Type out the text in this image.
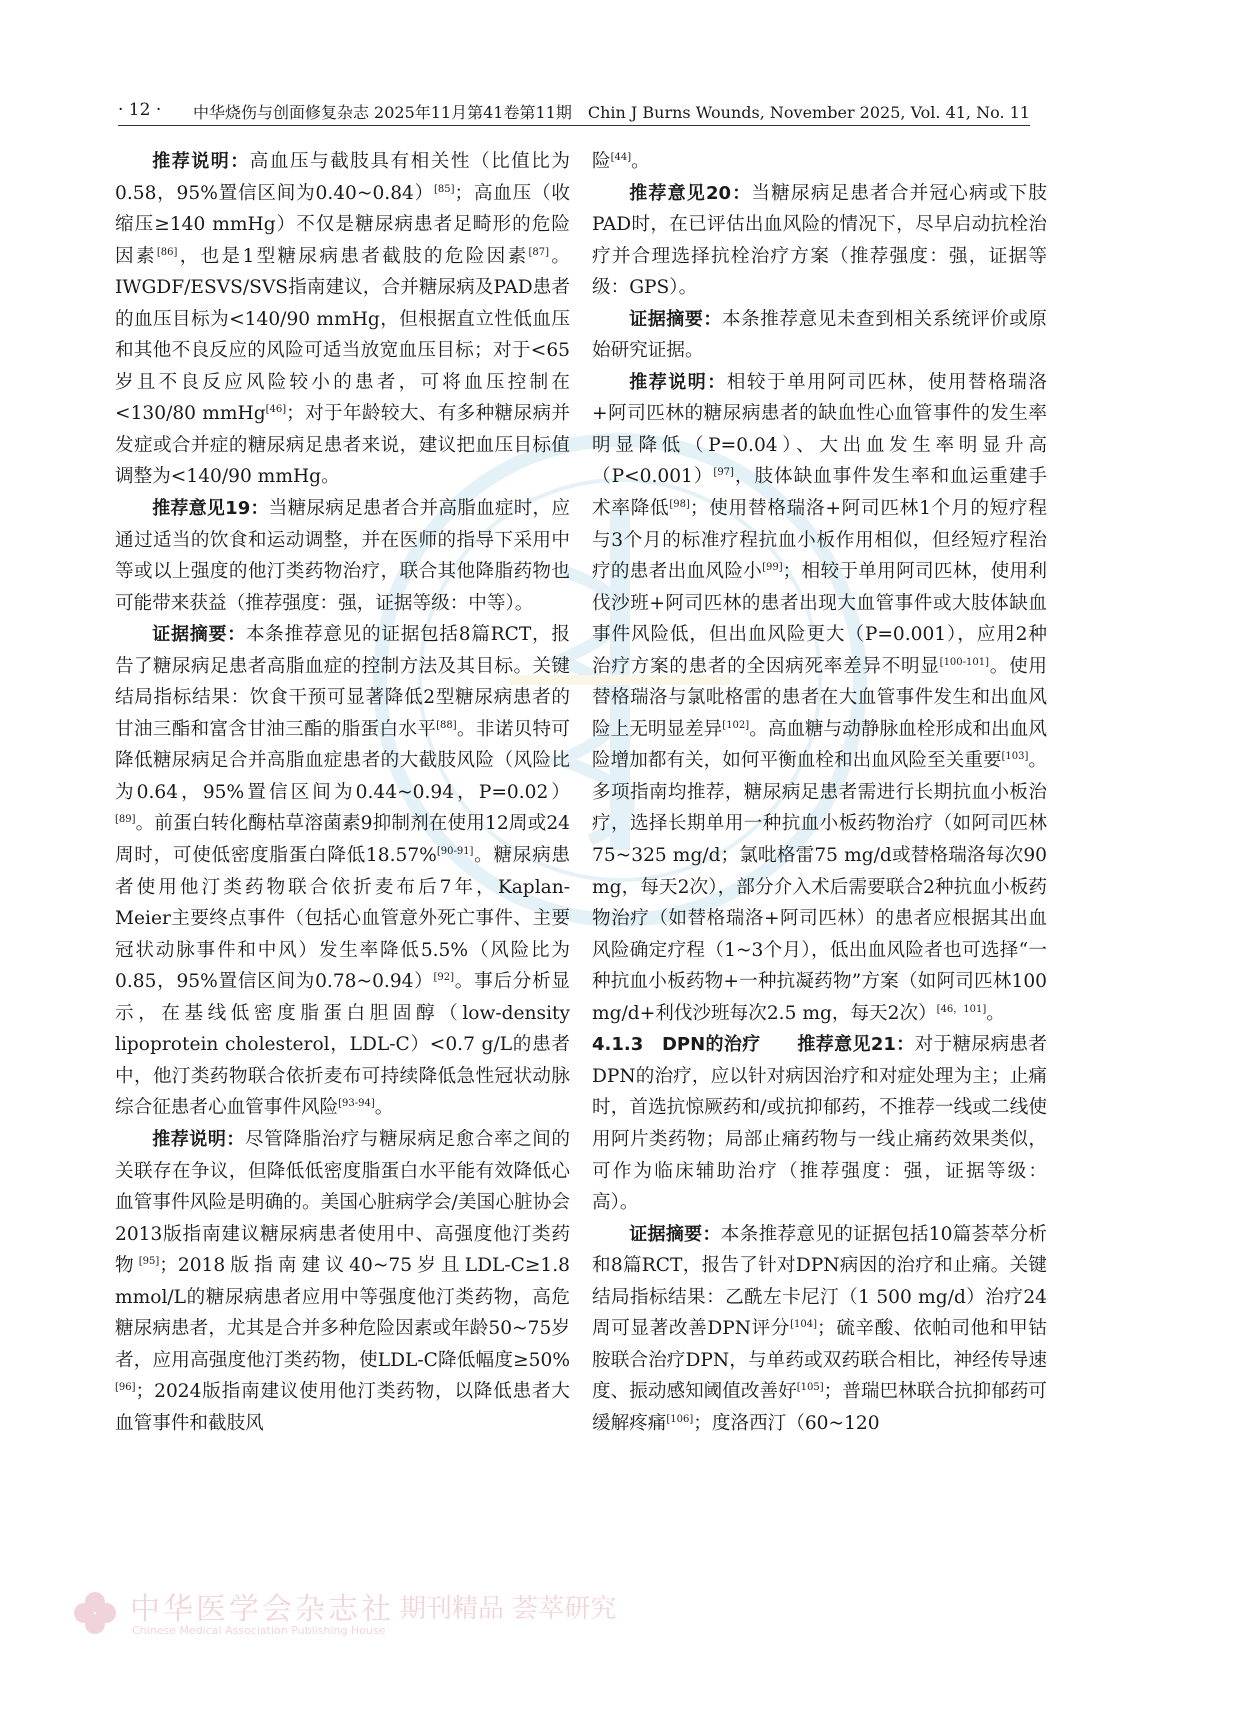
· 12 · 中华烧伤与创面修复杂志 2025年11月第41卷第11期　Chin J Burns Wounds, November 2025, Vol. 41, No. 11

推荐说明：高血压与截肢具有相关性（比值比为0.58，95%置信区间为0.40~0.84）[85]；高血压（收缩压≥140 mmHg）不仅是糖尿病患者足畸形的危险因素[86]，也是1型糖尿病患者截肢的危险因素[87]。IWGDF/ESVS/SVS指南建议，合并糖尿病及PAD患者的血压目标为<140/90 mmHg，但根据直立性低血压和其他不良反应的风险可适当放宽血压目标；对于<65岁且不良反应风险较小的患者，可将血压控制在<130/80 mmHg[46]；对于年龄较大、有多种糖尿病并发症或合并症的糖尿病足患者来说，建议把血压目标值调整为<140/90 mmHg。

推荐意见19：当糖尿病足患者合并高脂血症时，应通过适当的饮食和运动调整，并在医师的指导下采用中等或以上强度的他汀类药物治疗，联合其他降脂药物也可能带来获益（推荐强度：强，证据等级：中等）。

证据摘要：本条推荐意见的证据包括8篇RCT，报告了糖尿病足患者高脂血症的控制方法及其目标。关键结局指标结果：饮食干预可显著降低2型糖尿病患者的甘油三酯和富含甘油三酯的脂蛋白水平[88]。非诺贝特可降低糖尿病足合并高脂血症患者的大截肢风险（风险比为0.64，95%置信区间为0.44~0.94，P=0.02）[89]。前蛋白转化酶枯草溶菌素9抑制剂在使用12周或24周时，可使低密度脂蛋白降低18.57%[90-91]。糖尿病患者使用他汀类药物联合依折麦布后7年，Kaplan-Meier主要终点事件（包括心血管意外死亡事件、主要冠状动脉事件和中风）发生率降低5.5%（风险比为0.85，95%置信区间为0.78~0.94）[92]。事后分析显示，在基线低密度脂蛋白胆固醇（low-density lipoprotein cholesterol，LDL-C）<0.7 g/L的患者中，他汀类药物联合依折麦布可持续降低急性冠状动脉综合征患者心血管事件风险[93-94]。

推荐说明：尽管降脂治疗与糖尿病足愈合率之间的关联存在争议，但降低低密度脂蛋白水平能有效降低心血管事件风险是明确的。美国心脏病学会/美国心脏协会2013版指南建议糖尿病患者使用中、高强度他汀类药物[95]；2018版指南建议40~75岁且LDL-C≥1.8 mmol/L的糖尿病患者应用中等强度他汀类药物，高危糖尿病患者，尤其是合并多种危险因素或年龄50~75岁者，应用高强度他汀类药物，使LDL-C降低幅度≥50%[96]；2024版指南建议使用他汀类药物，以降低患者大血管事件和截肢风

险[44]。

推荐意见20：当糖尿病足患者合并冠心病或下肢PAD时，在已评估出血风险的情况下，尽早启动抗栓治疗并合理选择抗栓治疗方案（推荐强度：强，证据等级：GPS）。

证据摘要：本条推荐意见未查到相关系统评价或原始研究证据。

推荐说明：相较于单用阿司匹林，使用替格瑞洛+阿司匹林的糖尿病患者的缺血性心血管事件的发生率明显降低（P=0.04）、大出血发生率明显升高（P<0.001）[97]，肢体缺血事件发生率和血运重建手术率降低[98]；使用替格瑞洛+阿司匹林1个月的短疗程与3个月的标准疗程抗血小板作用相似，但经短疗程治疗的患者出血风险小[99]；相较于单用阿司匹林，使用利伐沙班+阿司匹林的患者出现大血管事件或大肢体缺血事件风险低，但出血风险更大（P=0.001），应用2种治疗方案的患者的全因病死率差异不明显[100-101]。使用替格瑞洛与氯吡格雷的患者在大血管事件发生和出血风险上无明显差异[102]。高血糖与动静脉血栓形成和出血风险增加都有关，如何平衡血栓和出血风险至关重要[103]。多项指南均推荐，糖尿病足患者需进行长期抗血小板治疗，选择长期单用一种抗血小板药物治疗（如阿司匹林75~325 mg/d；氯吡格雷75 mg/d或替格瑞洛每次90 mg，每天2次），部分介入术后需要联合2种抗血小板药物治疗（如替格瑞洛+阿司匹林）的患者应根据其出血风险确定疗程（1~3个月），低出血风险者也可选择“一种抗血小板药物+一种抗凝药物”方案（如阿司匹林100 mg/d+利伐沙班每次2.5 mg，每天2次）[46，101]。

4.1.3　DPN的治疗　　推荐意见21：对于糖尿病患者DPN的治疗，应以针对病因治疗和对症处理为主；止痛时，首选抗惊厥药和/或抗抑郁药，不推荐一线或二线使用阿片类药物；局部止痛药物与一线止痛药效果类似，可作为临床辅助治疗（推荐强度：强，证据等级：高）。

证据摘要：本条推荐意见的证据包括10篇荟萃分析和8篇RCT，报告了针对DPN病因的治疗和止痛。关键结局指标结果：乙酰左卡尼汀（1 500 mg/d）治疗24周可显著改善DPN评分[104]；硫辛酸、依帕司他和甲钴胺联合治疗DPN，与单药或双药联合相比，神经传导速度、振动感知阈值改善好[105]；普瑞巴林联合抗抑郁药可缓解疼痛[106]；度洛西汀（60~120

中华医学会杂志社
Chinese Medical Association Publishing House
期刊精品 荟萃研究
